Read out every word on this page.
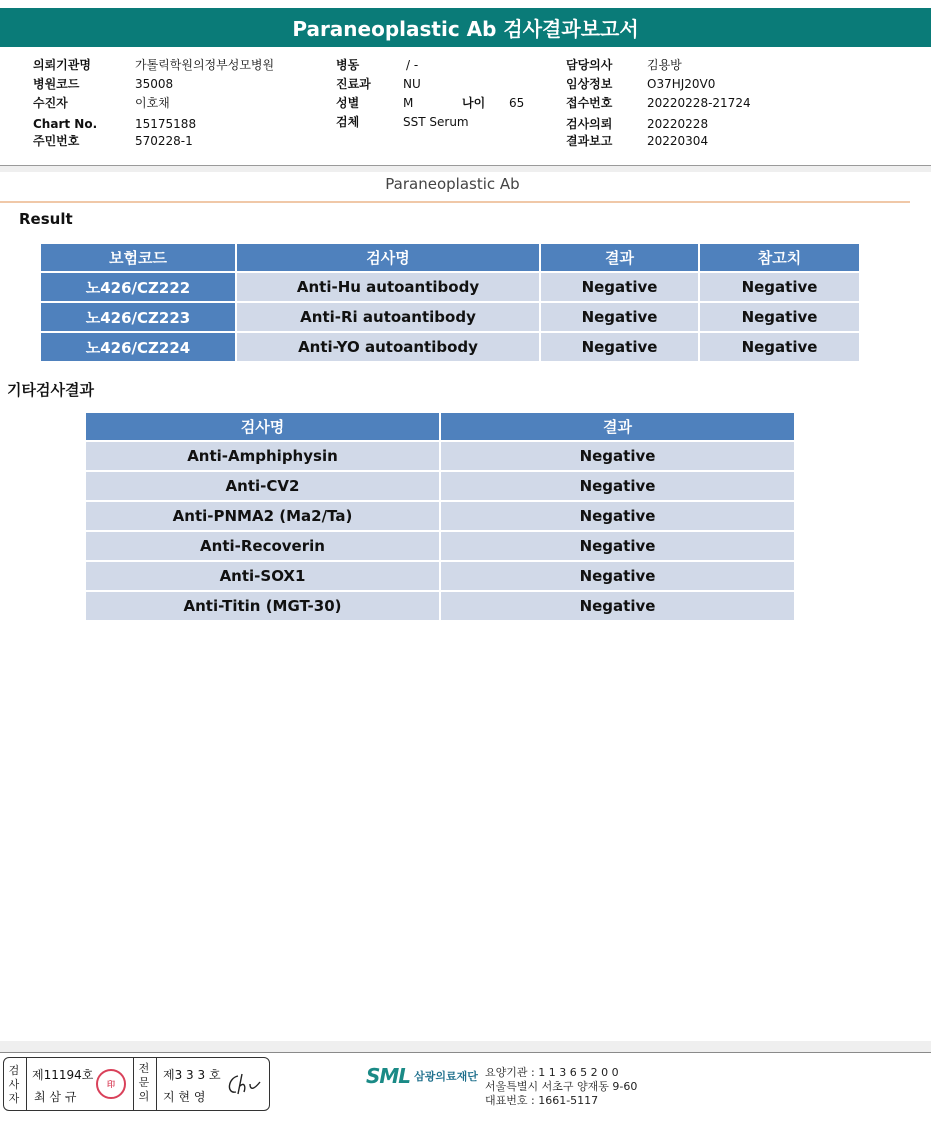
Paraneoplastic Ab 검사결과보고서
의뢰기관명	가톨릭학원의정부성모병원
병원코드	35008
수진자	이호채
Chart No.	15175188
주민번호	570228-1
병동	/ -
진료과	NU
성별	M	나이 65
검체	SST Serum
담당의사	김용방
임상정보	O37HJ20V0
접수번호	20220228-21724
검사의뢰	20220228
결과보고	20220304
Paraneoplastic Ab
Result
보험코드	검사명	결과	참고치
노426/CZ222	Anti-Hu autoantibody	Negative	Negative
노426/CZ223	Anti-Ri autoantibody	Negative	Negative
노426/CZ224	Anti-YO autoantibody	Negative	Negative
기타검사결과
검사명	결과
Anti-Amphiphysin	Negative
Anti-CV2	Negative
Anti-PNMA2 (Ma2/Ta)	Negative
Anti-Recoverin	Negative
Anti-SOX1	Negative
Anti-Titin (MGT-30)	Negative
검사자
제11194호
최 삼 규
印
전문의
제3 3 3 호
지 현 영
SML 삼광의료재단 요양기관 : 1 1 3 6 5 2 0 0
서울특별시 서초구 양재동 9-60
대표번호 : 1661-5117
